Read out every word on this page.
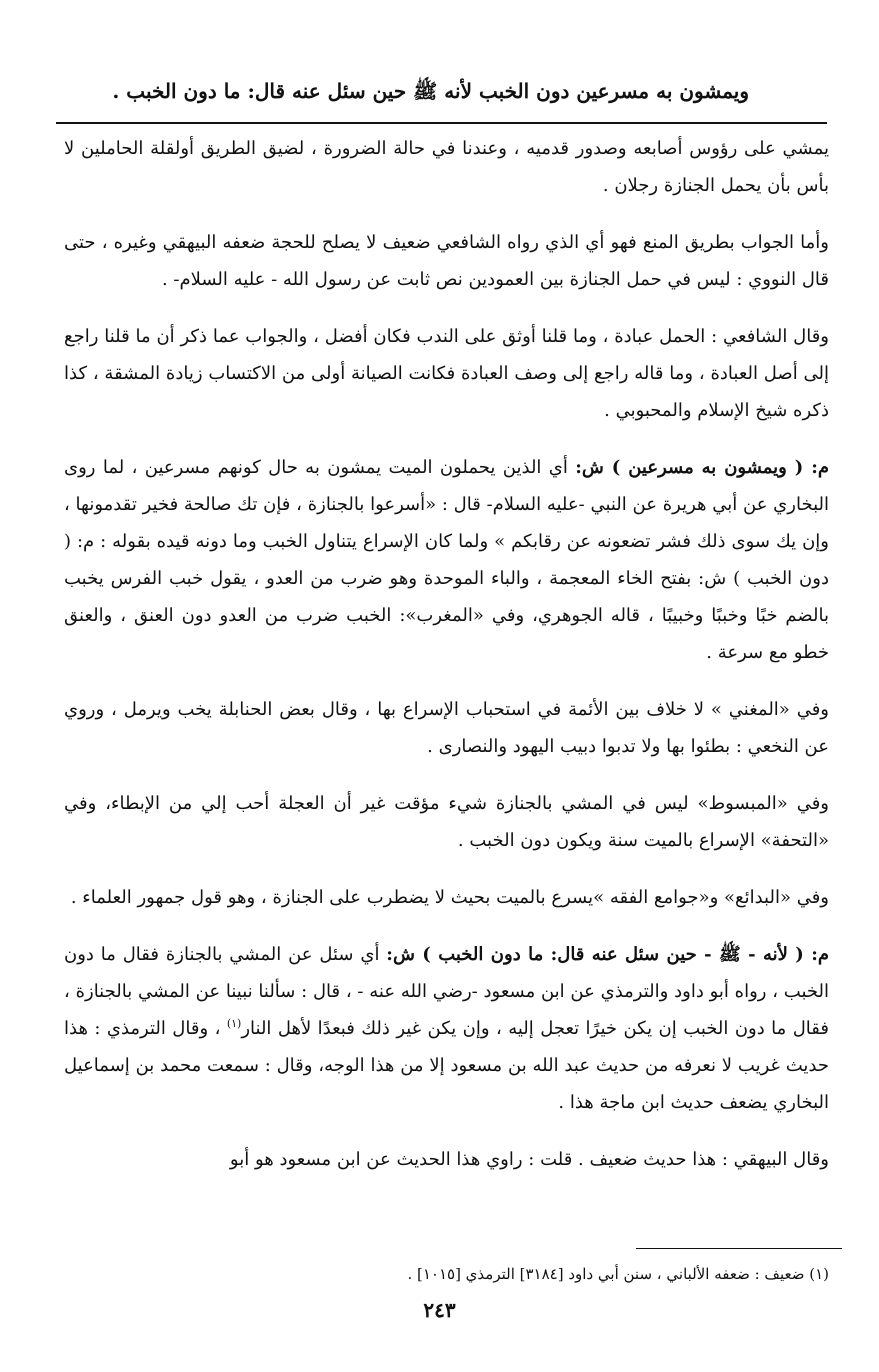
ويمشون به مسرعين دون الخبب لأنه ﷺ حين سئل عنه قال: ما دون الخبب .

يمشي على رؤوس أصابعه وصدور قدميه ، وعندنا في حالة الضرورة ، لضيق الطريق أولقلة الحاملين لا بأس بأن يحمل الجنازة رجلان .

وأما الجواب بطريق المنع فهو أي الذي رواه الشافعي ضعيف لا يصلح للحجة ضعفه البيهقي وغيره ، حتى قال النووي : ليس في حمل الجنازة بين العمودين نص ثابت عن رسول الله - عليه السلام- .

وقال الشافعي : الحمل عبادة ، وما قلنا أوثق على الندب فكان أفضل ، والجواب عما ذكر أن ما قلنا راجع إلى أصل العبادة ، وما قاله راجع إلى وصف العبادة فكانت الصيانة أولى من الاكتساب زيادة المشقة ، كذا ذكره شيخ الإسلام والمحبوبي .

م: ( ويمشون به مسرعين ) ش: أي الذين يحملون الميت يمشون به حال كونهم مسرعين ، لما روى البخاري عن أبي هريرة عن النبي -عليه السلام- قال : «أسرعوا بالجنازة ، فإن تك صالحة فخير تقدمونها ، وإن يك سوى ذلك فشر تضعونه عن رقابكم » ولما كان الإسراع يتناول الخبب وما دونه قيده بقوله : م: ( دون الخبب ) ش: بفتح الخاء المعجمة ، والباء الموحدة وهو ضرب من العدو ، يقول خبب الفرس يخبب بالضم خبًا وخببًا وخبيبًا ، قاله الجوهري، وفي «المغرب»: الخبب ضرب من العدو دون العنق ، والعنق خطو مع سرعة .

وفي «المغني » لا خلاف بين الأئمة في استحباب الإسراع بها ، وقال بعض الحنابلة يخب ويرمل ، وروي عن النخعي : بطئوا بها ولا تدبوا دبيب اليهود والنصارى .

وفي «المبسوط» ليس في المشي بالجنازة شيء مؤقت غير أن العجلة أحب إلي من الإبطاء، وفي «التحفة» الإسراع بالميت سنة ويكون دون الخبب .

وفي «البدائع» و«جوامع الفقه »يسرع بالميت بحيث لا يضطرب على الجنازة ، وهو قول جمهور العلماء .

م: ( لأنه - ﷺ - حين سئل عنه قال: ما دون الخبب ) ش: أي سئل عن المشي بالجنازة فقال ما دون الخبب ، رواه أبو داود والترمذي عن ابن مسعود -رضي الله عنه - ، قال : سألنا نبينا عن المشي بالجنازة ، فقال ما دون الخبب إن يكن خيرًا تعجل إليه ، وإن يكن غير ذلك فبعدًا لأهل النار$^{(١)}$ ، وقال الترمذي : هذا حديث غريب لا نعرفه من حديث عبد الله بن مسعود إلا من هذا الوجه، وقال : سمعت محمد بن إسماعيل البخاري يضعف حديث ابن ماجة هذا .

وقال البيهقي : هذا حديث ضعيف . قلت : راوي هذا الحديث عن ابن مسعود هو أبو

(١) ضعيف : ضعفه الألباني ، سنن أبي داود [٣١٨٤] الترمذي [١٠١٥] .
٢٤٣
